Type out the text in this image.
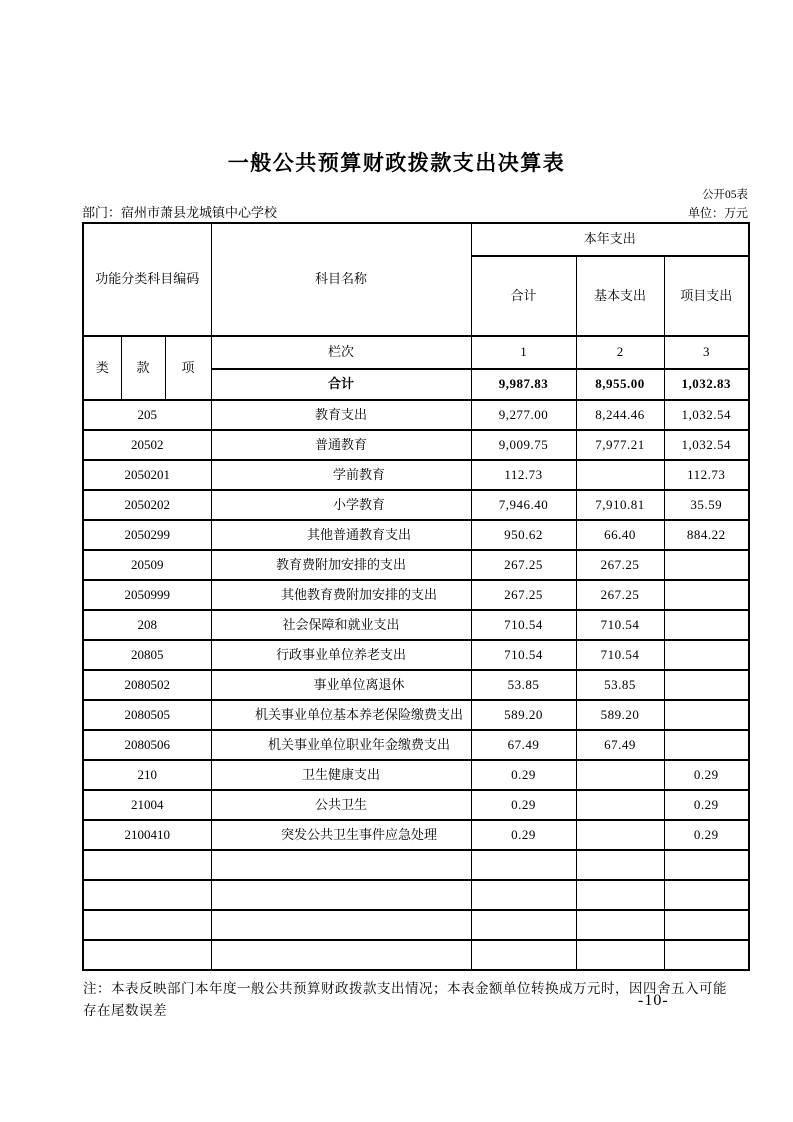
一般公共预算财政拨款支出决算表
公开05表
部门：宿州市萧县龙城镇中心学校	单位：万元
功能分类科目编码			科目名称	本年支出		
				合计	基本支出	项目支出
类	款	项	栏次	1	2	3
			合计	9,987.83	8,955.00	1,032.83
205			教育支出	9,277.00	8,244.46	1,032.54
20502			普通教育	9,009.75	7,977.21	1,032.54
2050201			学前教育	112.73		112.73
2050202			小学教育	7,946.40	7,910.81	35.59
2050299			其他普通教育支出	950.62	66.40	884.22
20509			教育费附加安排的支出	267.25	267.25	
2050999			其他教育费附加安排的支出	267.25	267.25	
208			社会保障和就业支出	710.54	710.54	
20805			行政事业单位养老支出	710.54	710.54	
2080502			事业单位离退休	53.85	53.85	
2080505			机关事业单位基本养老保险缴费支出	589.20	589.20	
2080506			机关事业单位职业年金缴费支出	67.49	67.49	
210			卫生健康支出	0.29		0.29
21004			公共卫生	0.29		0.29
2100410			突发公共卫生事件应急处理	0.29		0.29

注：本表反映部门本年度一般公共预算财政拨款支出情况；本表金额单位转换成万元时，因四舍五入可能
存在尾数误差
-10-
